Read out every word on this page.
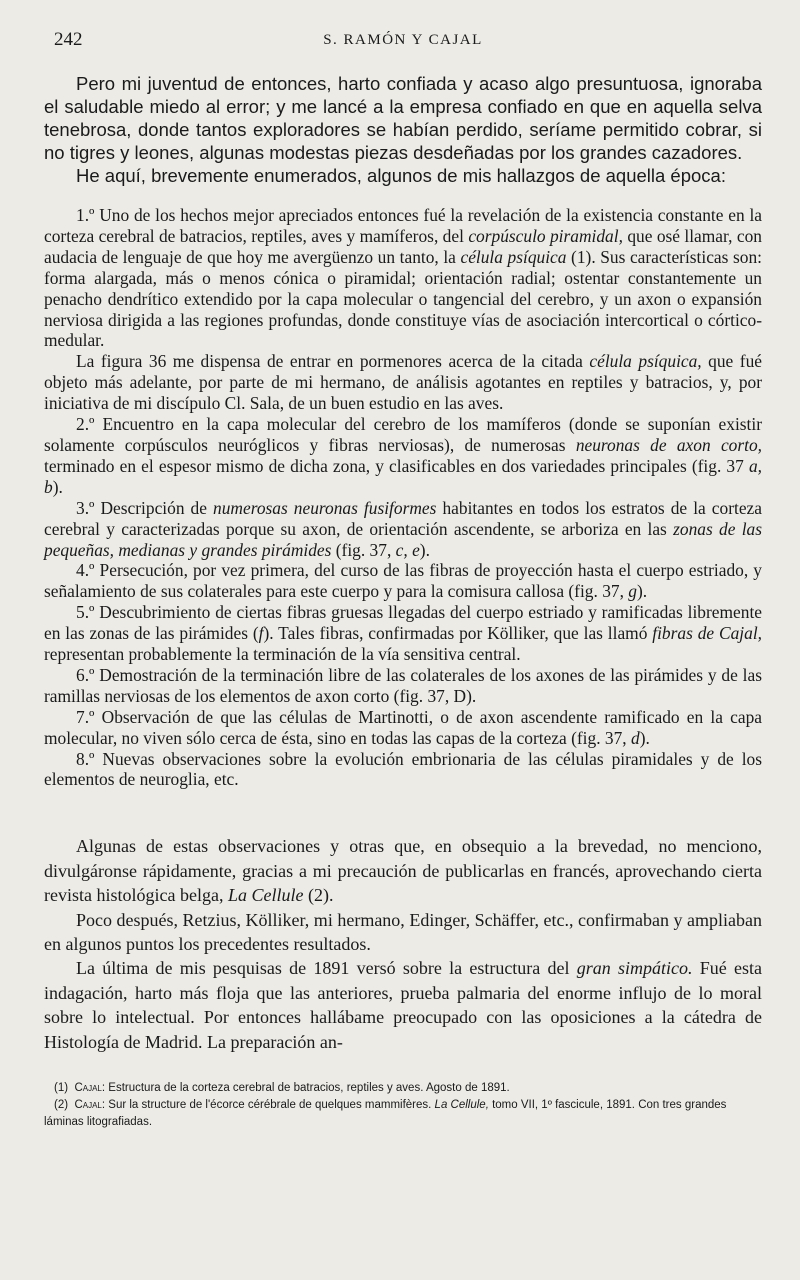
242	S. RAMÓN Y CAJAL

Pero mi juventud de entonces, harto confiada y acaso algo presuntuosa, ignoraba el saludable miedo al error; y me lancé a la empresa confiado en que en aquella selva tenebrosa, donde tantos exploradores se habían perdido, seríame permitido cobrar, si no tigres y leones, algunas modestas piezas desdeñadas por los grandes cazadores.

He aquí, brevemente enumerados, algunos de mis hallazgos de aquella época:

1.º Uno de los hechos mejor apreciados entonces fué la revelación de la existencia constante en la corteza cerebral de batracios, reptiles, aves y mamíferos, del corpúsculo piramidal, que osé llamar, con audacia de lenguaje de que hoy me avergüenzo un tanto, la célula psíquica (1). Sus características son: forma alargada, más o menos cónica o piramidal; orientación radial; ostentar constantemente un penacho dendrítico extendido por la capa molecular o tangencial del cerebro, y un axon o expansión nerviosa dirigida a las regiones profundas, donde constituye vías de asociación intercortical o córtico-medular.

La figura 36 me dispensa de entrar en pormenores acerca de la citada célula psíquica, que fué objeto más adelante, por parte de mi hermano, de análisis agotantes en reptiles y batracios, y, por iniciativa de mi discípulo Cl. Sala, de un buen estudio en las aves.

2.º Encuentro en la capa molecular del cerebro de los mamíferos (donde se suponían existir solamente corpúsculos neuróglicos y fibras nerviosas), de numerosas neuronas de axon corto, terminado en el espesor mismo de dicha zona, y clasificables en dos variedades principales (fig. 37 a, b).

3.º Descripción de numerosas neuronas fusiformes habitantes en todos los estratos de la corteza cerebral y caracterizadas porque su axon, de orientación ascendente, se arboriza en las zonas de las pequeñas, medianas y grandes pirámides (fig. 37, c, e).

4.º Persecución, por vez primera, del curso de las fibras de proyección hasta el cuerpo estriado, y señalamiento de sus colaterales para este cuerpo y para la comisura callosa (fig. 37, g).

5.º Descubrimiento de ciertas fibras gruesas llegadas del cuerpo estriado y ramificadas libremente en las zonas de las pirámides (f). Tales fibras, confirmadas por Kölliker, que las llamó fibras de Cajal, representan probablemente la terminación de la vía sensitiva central.

6.º Demostración de la terminación libre de las colaterales de los axones de las pirámides y de las ramillas nerviosas de los elementos de axon corto (fig. 37, D).

7.º Observación de que las células de Martinotti, o de axon ascendente ramificado en la capa molecular, no viven sólo cerca de ésta, sino en todas las capas de la corteza (fig. 37, d).

8.º Nuevas observaciones sobre la evolución embrionaria de las células piramidales y de los elementos de neuroglia, etc.

Algunas de estas observaciones y otras que, en obsequio a la brevedad, no menciono, divulgáronse rápidamente, gracias a mi precaución de publicarlas en francés, aprovechando cierta revista histológica belga, La Cellule (2).

Poco después, Retzius, Kölliker, mi hermano, Edinger, Schäffer, etc., confirmaban y ampliaban en algunos puntos los precedentes resultados.

La última de mis pesquisas de 1891 versó sobre la estructura del gran simpático. Fué esta indagación, harto más floja que las anteriores, prueba palmaria del enorme influjo de lo moral sobre lo intelectual. Por entonces hallábame preocupado con las oposiciones a la cátedra de Histología de Madrid. La preparación an-

(1) Cajal: Estructura de la corteza cerebral de batracios, reptiles y aves. Agosto de 1891.

(2) Cajal: Sur la structure de l'écorce cérébrale de quelques mammifères. La Cellule, tomo VII, 1º fascicule, 1891. Con tres grandes láminas litografiadas.
